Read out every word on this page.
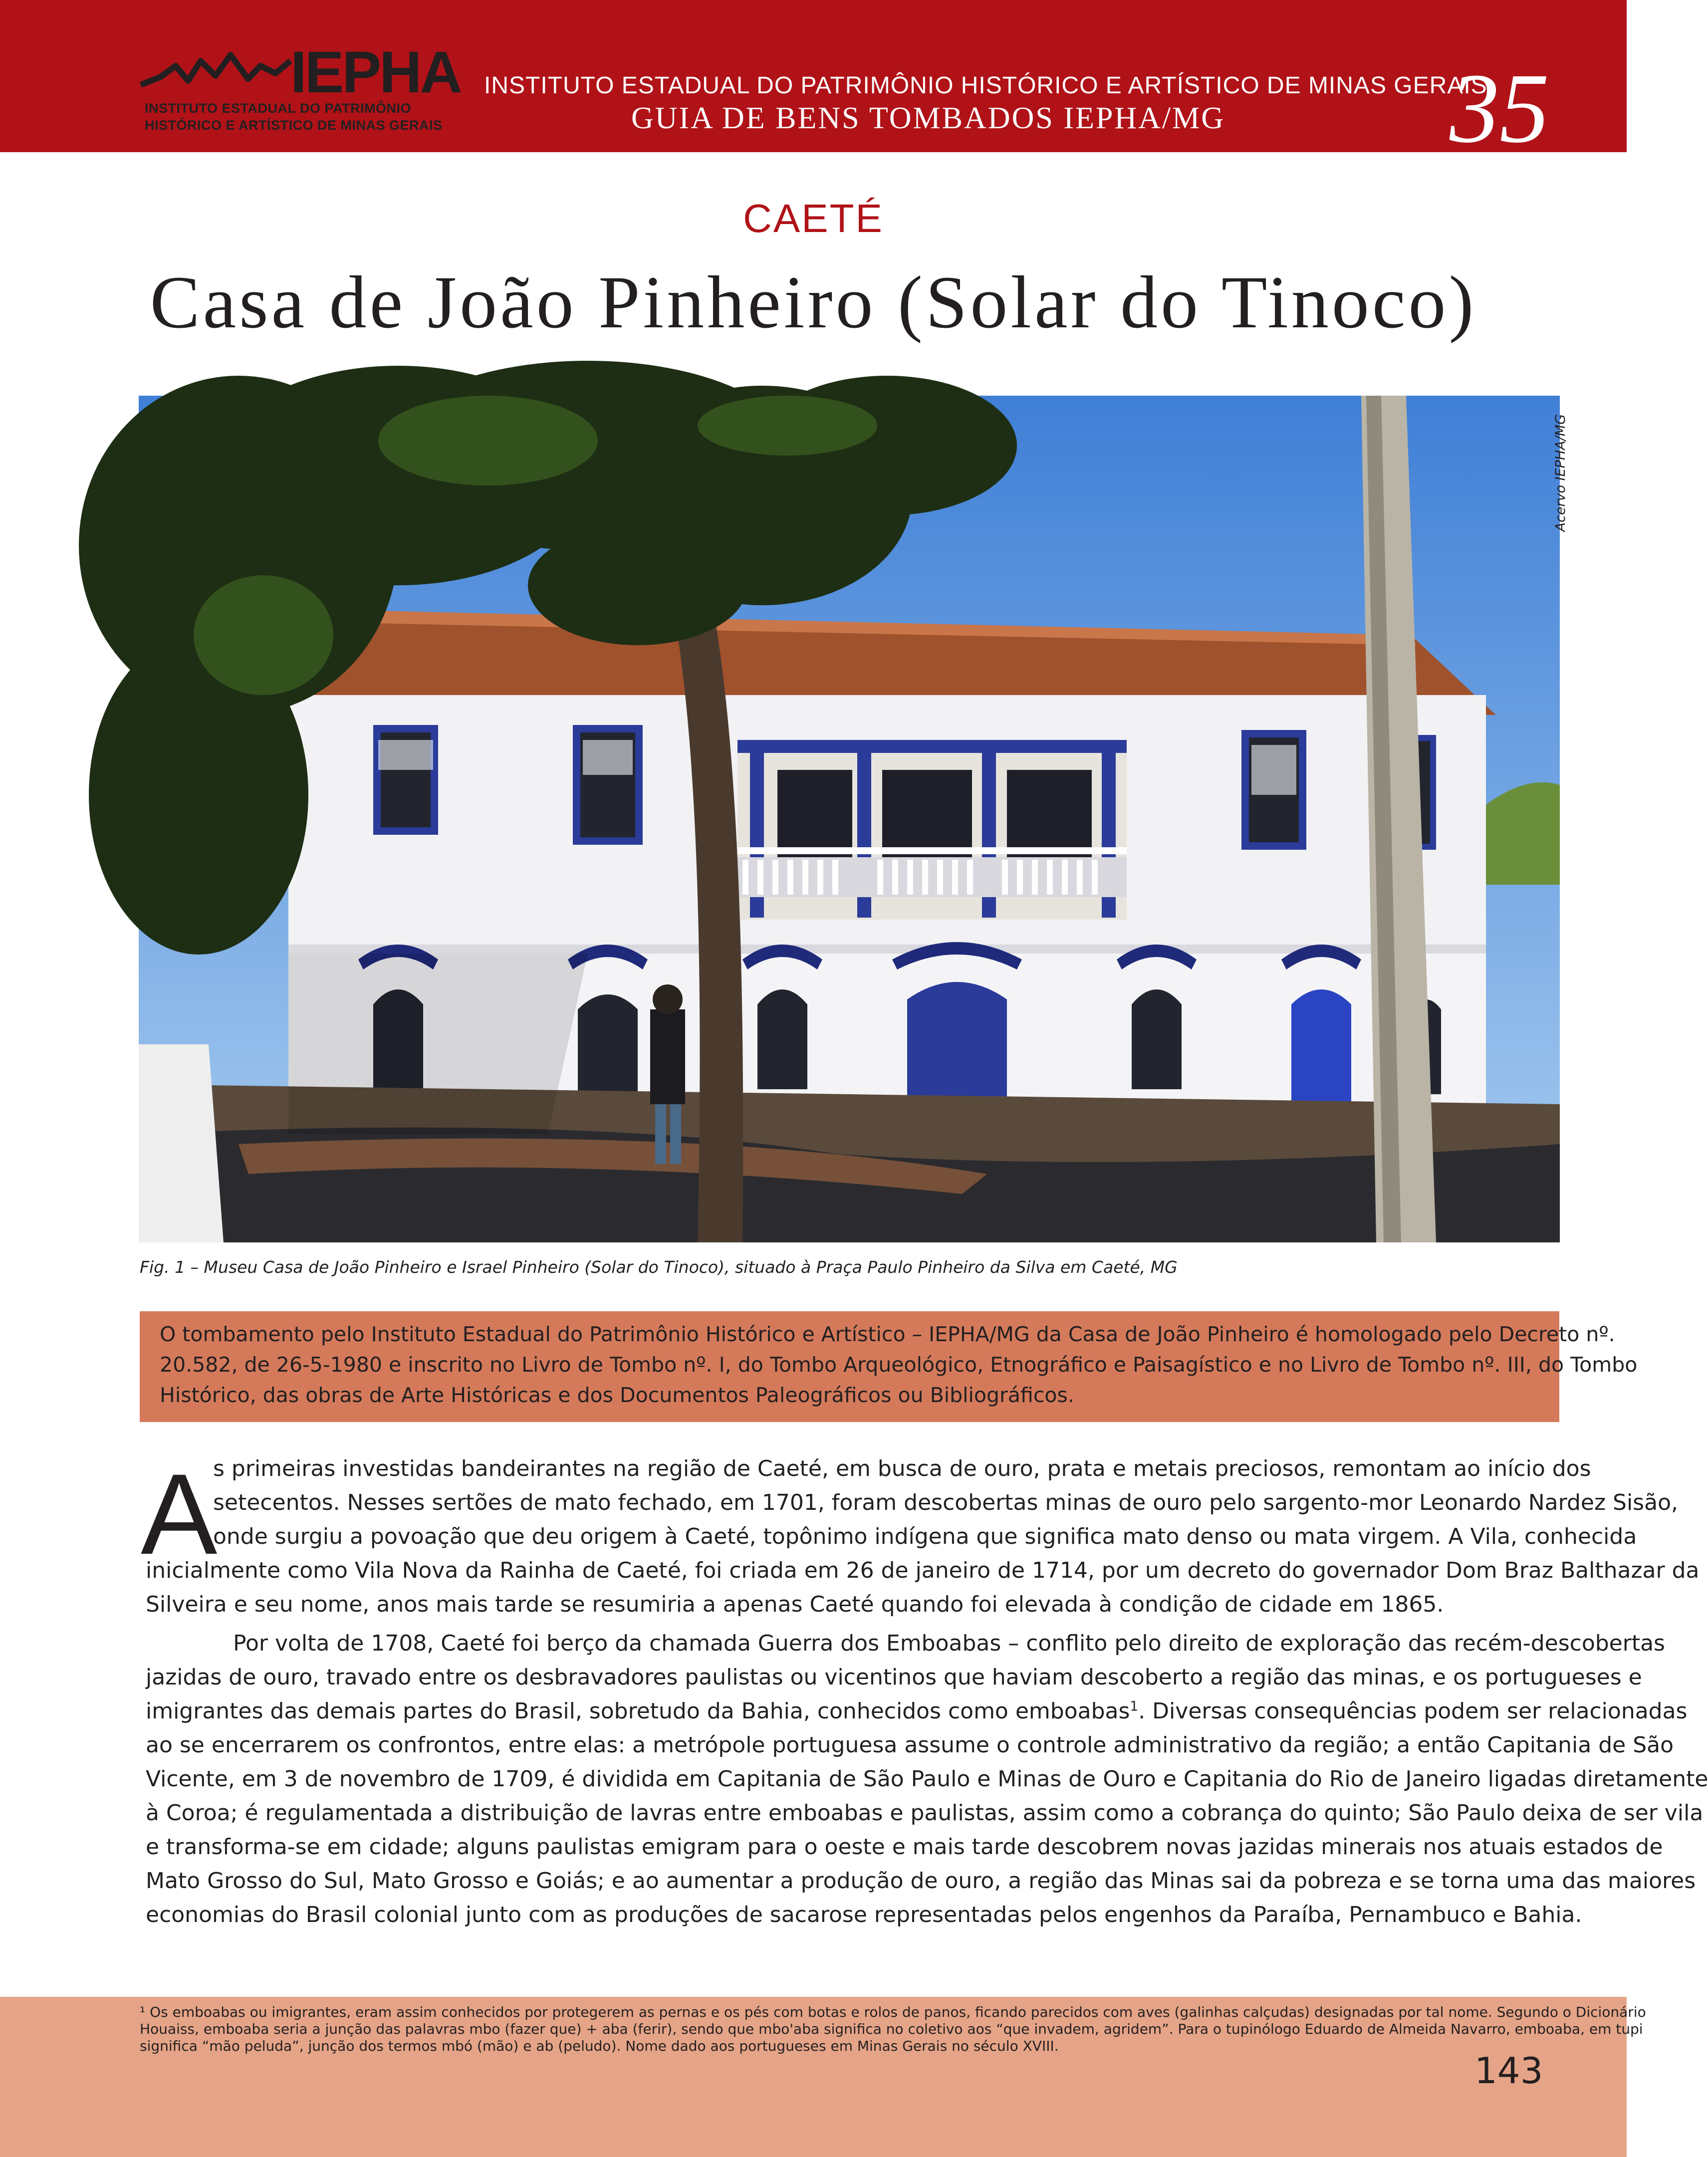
IEPHA
INSTITUTO ESTADUAL DO PATRIMÔNIO
HISTÓRICO E ARTÍSTICO DE MINAS GERAIS
INSTITUTO ESTADUAL DO PATRIMÔNIO HISTÓRICO E ARTÍSTICO DE MINAS GERAIS
GUIA DE BENS TOMBADOS IEPHA/MG	35
CAETÉ
Casa de João Pinheiro (Solar do Tinoco)
Acervo IEPHA/MG
Fig. 1 – Museu Casa de João Pinheiro e Israel Pinheiro (Solar do Tinoco), situado à Praça Paulo Pinheiro da Silva em Caeté, MG
O tombamento pelo Instituto Estadual do Patrimônio Histórico e Artístico – IEPHA/MG da Casa de João Pinheiro é homologado pelo Decreto nº.
20.582, de 26-5-1980 e inscrito no Livro de Tombo nº. I, do Tombo Arqueológico, Etnográfico e Paisagístico e no Livro de Tombo nº. III, do Tombo
Histórico, das obras de Arte Históricas e dos Documentos Paleográficos ou Bibliográficos.
A
s primeiras investidas bandeirantes na região de Caeté, em busca de ouro, prata e metais preciosos, remontam ao início dos
setecentos. Nesses sertões de mato fechado, em 1701, foram descobertas minas de ouro pelo sargento-mor Leonardo Nardez Sisão,
onde surgiu a povoação que deu origem à Caeté, topônimo indígena que significa mato denso ou mata virgem. A Vila, conhecida
inicialmente como Vila Nova da Rainha de Caeté, foi criada em 26 de janeiro de 1714, por um decreto do governador Dom Braz Balthazar da
Silveira e seu nome, anos mais tarde se resumiria a apenas Caeté quando foi elevada à condição de cidade em 1865.
Por volta de 1708, Caeté foi berço da chamada Guerra dos Emboabas – conflito pelo direito de exploração das recém-descobertas
jazidas de ouro, travado entre os desbravadores paulistas ou vicentinos que haviam descoberto a região das minas, e os portugueses e
imigrantes das demais partes do Brasil, sobretudo da Bahia, conhecidos como emboabas$^1$. Diversas consequências podem ser relacionadas
ao se encerrarem os confrontos, entre elas: a metrópole portuguesa assume o controle administrativo da região; a então Capitania de São
Vicente, em 3 de novembro de 1709, é dividida em Capitania de São Paulo e Minas de Ouro e Capitania do Rio de Janeiro ligadas diretamente
à Coroa; é regulamentada a distribuição de lavras entre emboabas e paulistas, assim como a cobrança do quinto; São Paulo deixa de ser vila
e transforma-se em cidade; alguns paulistas emigram para o oeste e mais tarde descobrem novas jazidas minerais nos atuais estados de
Mato Grosso do Sul, Mato Grosso e Goiás; e ao aumentar a produção de ouro, a região das Minas sai da pobreza e se torna uma das maiores
economias do Brasil colonial junto com as produções de sacarose representadas pelos engenhos da Paraíba, Pernambuco e Bahia.
¹ Os emboabas ou imigrantes, eram assim conhecidos por protegerem as pernas e os pés com botas e rolos de panos, ficando parecidos com aves (galinhas calçudas) designadas por tal nome. Segundo o Dicionário
Houaiss, emboaba seria a junção das palavras mbo (fazer que) + aba (ferir), sendo que mbo'aba significa no coletivo aos “que invadem, agridem”. Para o tupinólogo Eduardo de Almeida Navarro, emboaba, em tupi
significa “mão peluda”, junção dos termos mbó (mão) e ab (peludo). Nome dado aos portugueses em Minas Gerais no século XVIII.
143
